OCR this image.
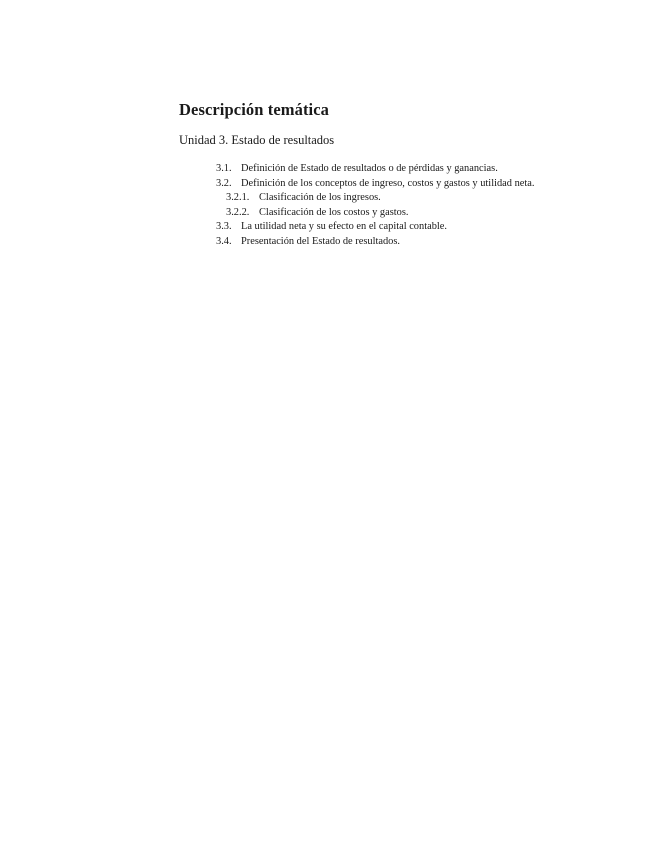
Descripción temática
Unidad 3. Estado de resultados
3.1. Definición de Estado de resultados o de pérdidas y ganancias.
3.2. Definición de los conceptos de ingreso, costos y gastos y utilidad neta.
3.2.1. Clasificación de los ingresos.
3.2.2. Clasificación de los costos y gastos.
3.3. La utilidad neta y su efecto en el capital contable.
3.4. Presentación del Estado de resultados.
